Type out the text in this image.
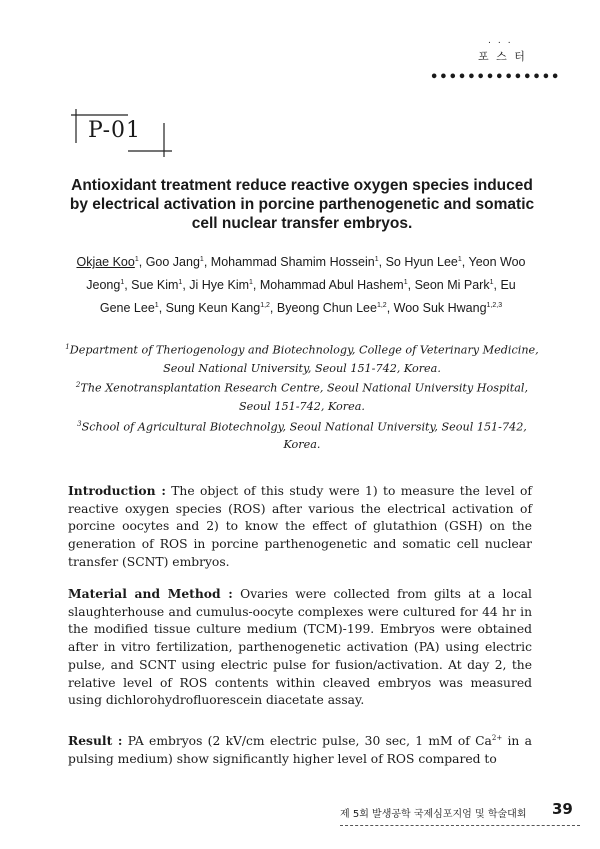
...
포 스 터
••••••••••••••
P-01
Antioxidant treatment reduce reactive oxygen species induced by electrical activation in porcine parthenogenetic and somatic cell nuclear transfer embryos.
Okjae Koo$^1$, Goo Jang$^1$, Mohammad Shamim Hossein$^1$, So Hyun Lee$^1$, Yeon Woo Jeong$^1$, Sue Kim$^1$, Ji Hye Kim$^1$, Mohammad Abul Hashem$^1$, Seon Mi Park$^1$, Eu Gene Lee$^1$, Sung Keun Kang$^{1,2}$, Byeong Chun Lee$^{1,2}$, Woo Suk Hwang$^{1,2,3}$
$^1$Department of Theriogenology and Biotechnology, College of Veterinary Medicine, Seoul National University, Seoul 151-742, Korea.
$^2$The Xenotransplantation Research Centre, Seoul National University Hospital, Seoul 151-742, Korea.
$^3$School of Agricultural Biotechnolgy, Seoul National University, Seoul 151-742, Korea.
Introduction : The object of this study were 1) to measure the level of reactive oxygen species (ROS) after various the electrical activation of porcine oocytes and 2) to know the effect of glutathion (GSH) on the generation of ROS in porcine parthenogenetic and somatic cell nuclear transfer (SCNT) embryos.
Material and Method : Ovaries were collected from gilts at a local slaughterhouse and cumulus-oocyte complexes were cultured for 44 hr in the modified tissue culture medium (TCM)-199. Embryos were obtained after in vitro fertilization, parthenogenetic activation (PA) using electric pulse, and SCNT using electric pulse for fusion/activation. At day 2, the relative level of ROS contents within cleaved embryos was measured using dichlorohydrofluorescein diacetate assay.
Result : PA embryos (2 kV/cm electric pulse, 30 sec, 1 mM of $Ca^{2+}$ in a pulsing medium) show significantly higher level of ROS compared to
제 5회 발생공학 국제심포지엄 및 학술대회 39
